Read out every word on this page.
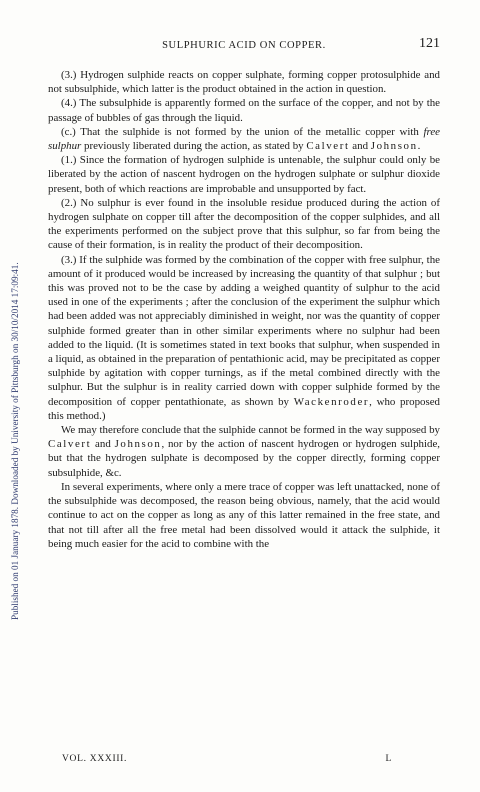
Published on 01 January 1878. Downloaded by University of Pittsburgh on 30/10/2014 17:09:41.
SULPHURIC ACID ON COPPER.	121

(3.) Hydrogen sulphide reacts on copper sulphate, forming copper protosulphide and not subsulphide, which latter is the product obtained in the action in question.

(4.) The subsulphide is apparently formed on the surface of the copper, and not by the passage of bubbles of gas through the liquid.

(c.) That the sulphide is not formed by the union of the metallic copper with free sulphur previously liberated during the action, as stated by Calvert and Johnson.

(1.) Since the formation of hydrogen sulphide is untenable, the sulphur could only be liberated by the action of nascent hydrogen on the hydrogen sulphate or sulphur dioxide present, both of which reactions are improbable and unsupported by fact.

(2.) No sulphur is ever found in the insoluble residue produced during the action of hydrogen sulphate on copper till after the decomposition of the copper sulphides, and all the experiments performed on the subject prove that this sulphur, so far from being the cause of their formation, is in reality the product of their decomposition.

(3.) If the sulphide was formed by the combination of the copper with free sulphur, the amount of it produced would be increased by increasing the quantity of that sulphur ; but this was proved not to be the case by adding a weighed quantity of sulphur to the acid used in one of the experiments ; after the conclusion of the experiment the sulphur which had been added was not appreciably diminished in weight, nor was the quantity of copper sulphide formed greater than in other similar experiments where no sulphur had been added to the liquid. (It is sometimes stated in text books that sulphur, when suspended in a liquid, as obtained in the preparation of pentathionic acid, may be precipitated as copper sulphide by agitation with copper turnings, as if the metal combined directly with the sulphur. But the sulphur is in reality carried down with copper sulphide formed by the decomposition of copper pentathionate, as shown by Wackenroder, who proposed this method.)

We may therefore conclude that the sulphide cannot be formed in the way supposed by Calvert and Johnson, nor by the action of nascent hydrogen or hydrogen sulphide, but that the hydrogen sulphate is decomposed by the copper directly, forming copper subsulphide, &c.

In several experiments, where only a mere trace of copper was left unattacked, none of the subsulphide was decomposed, the reason being obvious, namely, that the acid would continue to act on the copper as long as any of this latter remained in the free state, and that not till after all the free metal had been dissolved would it attack the sulphide, it being much easier for the acid to combine with the

VOL. XXXIII.	L
